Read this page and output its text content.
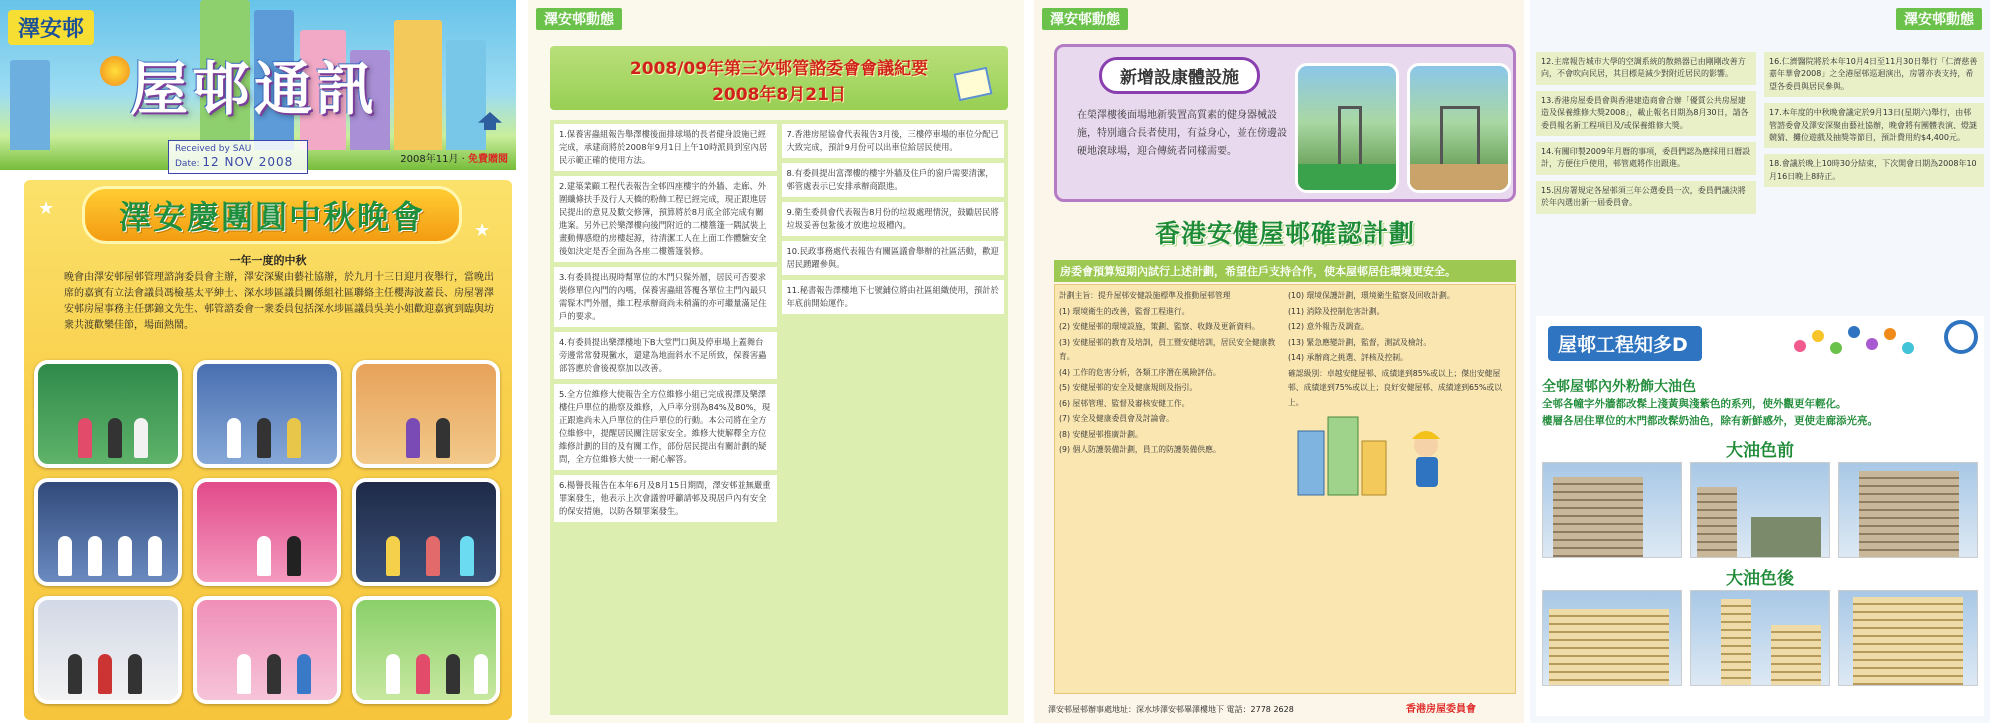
澤安邨
屋邨通訊
2008年11月 · 免費贈閱
Received by SAU
Date: 12 NOV 2008
★
★
澤安慶團圓中秋晚會
一年一度的中秋
晚會由澤安邨屋邨管理諮詢委員會主辦，澤安深聚由藝社協辦，於九月十三日迎月夜舉行，當晚出席的嘉賓有立法會議員馮檢基太平紳士、深水埗區議員關係組社區聯絡主任櫻海波蓋長、房屋署澤安邨房屋事務主任鄧錦文先生、邨管諮委會一衆委員包括深水埗區議員吳美小姐歡迎嘉賓到臨與坊衆共渡歡樂佳節，場面熱鬧。
澤安邨動態
2008/09年第三次邨管諮委會會議紀要
2008年8月21日
1.保養害蟲組報告舉澤樓後面排球場的長者健身設施已經完成，承建商將於2008年9月1日上午10時派員到室內居民示範正確的使用方法。
2.建築業顧工程代表報告全邨四座樓宇的外牆、走廊、外圍纖條扶手及行人天橋的粉飾工程已經完成，現正跟進居民提出的意見及數交修簿，預算將於8月底全部完成有關進案。另外已於樂澤樓向後門附近的二樓簷篷一隅試裝上畫動傳感燈的房樓起源，待清潔工人在上面工作體驗安全後如決定是否全面為各座二樓簷篷裝修。
3.有委員提出現時幫單位的木門只髹外層，居民可否要求裝修單位內門的內嗎，保養害蟲組答覆各單位主門內最只需髹木門外層，維工程承辦商尚未稍滿的亦可繼量滿足住戶的要求。
4.有委員提出樂澤樓地下B大堂門口與及停車場上蓋舞台旁邊常常發現黴水，還建為地面斜水不足所致，保養害蟲部答應於會後視察加以改善。
5.全方位維修大使報告全方位維修小組已完成視澤及樂澤樓住戶單位的勘察及維修，入戶率分別為84%及80%，現正跟進尚未入戶單位的住戶單位的行動。本公司將在全方位維修中，提醒居民關注居家安全。維修大使解釋全方位維修計劃的目的及有關工作，部份居民提出有關計劃的疑問，全方位維修大使一一耐心解答。
6.楊譽長報告在本年6月及8月15日期間，澤安邨並無嚴重罪案發生，他表示上次會議曾呼籲請邨及現居戶內有安全的保安措施，以防各類罪案發生。
7.香港房屋協會代表報告3月後，三樓停車場的車位分配已大致完成，預計9月份可以出車位給居民使用。
8.有委員提出富澤樓的樓宇外牆及住戶的窗戶需要清潔，邨管處表示已安排承辦商跟進。
9.衛生委員會代表報告8月份的垃圾處理情況，鼓勵居民將垃圾妥善包紮後才放進垃圾槽內。
10.民政事務處代表報告有關區議會舉辦的社區活動，歡迎居民踴躍參與。
11.秘書報告澤樓地下七號鋪位將由社區組織使用，預計於年底前開始運作。
澤安邨動態
新增設康體設施
在榮澤樓後面場地新裝置高質素的健身器械設施，特別適合長者使用，有益身心，並在傍邊設硬地滾球場，迎合傳統者同樣需要。
香港安健屋邨確認計劃
房委會預算短期內試行上述計劃，希望住戶支持合作，使本屋邨居住環境更安全。

計劃主旨：提升屋邨安健設施標準及推動屋邨管理

(1) 環境衛生的改善，監督工程進行。

(2) 安健屋邨的環境設施，策劃、監察、收錄及更新資料。

(3) 安健屋邨的教育及培訓，員工暨安健培訓，居民安全健康教育。

(4) 工作的危害分析，各類工序潛在風險評估。

(5) 安健屋邨的安全及健康規則及指引。

(6) 屋邨管理、監督及審核安健工作。

(7) 安全及健康委員會及討論會。

(8) 安健屋邨推廣計劃。

(9) 個人防護裝備計劃，員工的防護裝備供應。

(10) 環境保護計劃，環境衛生監察及回收計劃。

(11) 消除及控制危害計劃。

(12) 意外報告及調查。

(13) 緊急應變計劃，監督，測試及檢討。

(14) 承辦商之挑選、評核及控制。

確認級別：卓越安健屋邨、成績達到85%或以上；傑出安健屋邨、成績達到75%或以上；良好安健屋邨、成績達到65%或以上。

澤安邨屋邨辦事處地址：深水埗澤安邨畢澤樓地下 電話：2778 2628	香港房屋委員會
澤安邨動態
12.主席報告城市大學的空調系統的散熱器已由剛剛改善方向，不會吹向民居，其目標是減少對附近居民的影響。
13.香港房屋委員會與香港建造商會合辦「優質公共房屋建造及保養維修大獎2008」，載止報名日期為8月30日，請各委員報名新工程項目及/或保養維修大獎。
14.有關印製2009年月曆的事項，委員們認為應採用日曆設計，方便住戶使用，邨管處將作出跟進。
15.因房署規定各屋邨須三年公選委員一次，委員們議決將於年內選出新一屆委員會。
16.仁濟醫院將於本年10月4日至11月30日舉行「仁濟慈善嘉年華會2008」之全港屋邨巡迴演出，房署亦表支持，希望各委員與居民參與。
17.本年度的中秋晚會議定於9月13日(星期六)舉行，由邨管諮委會及澤安深聚由藝社協辦，晚會將有團體表演、燈謎競猜、攤位遊戲及抽獎等節目，預計費用約$4,400元。
18.會議於晚上10時30分結束，下次開會日期為2008年10月16日晚上8時正。
屋邨工程知多D
全邨屋邨內外粉飾大油色
全邨各幢字外牆都改髹上淺黃與淺紫色的系列，使外觀更年輕化。
樓層各居住單位的木門都改髹奶油色，除有新鮮感外，更使走廊添光亮。
大油色前
大油色後
